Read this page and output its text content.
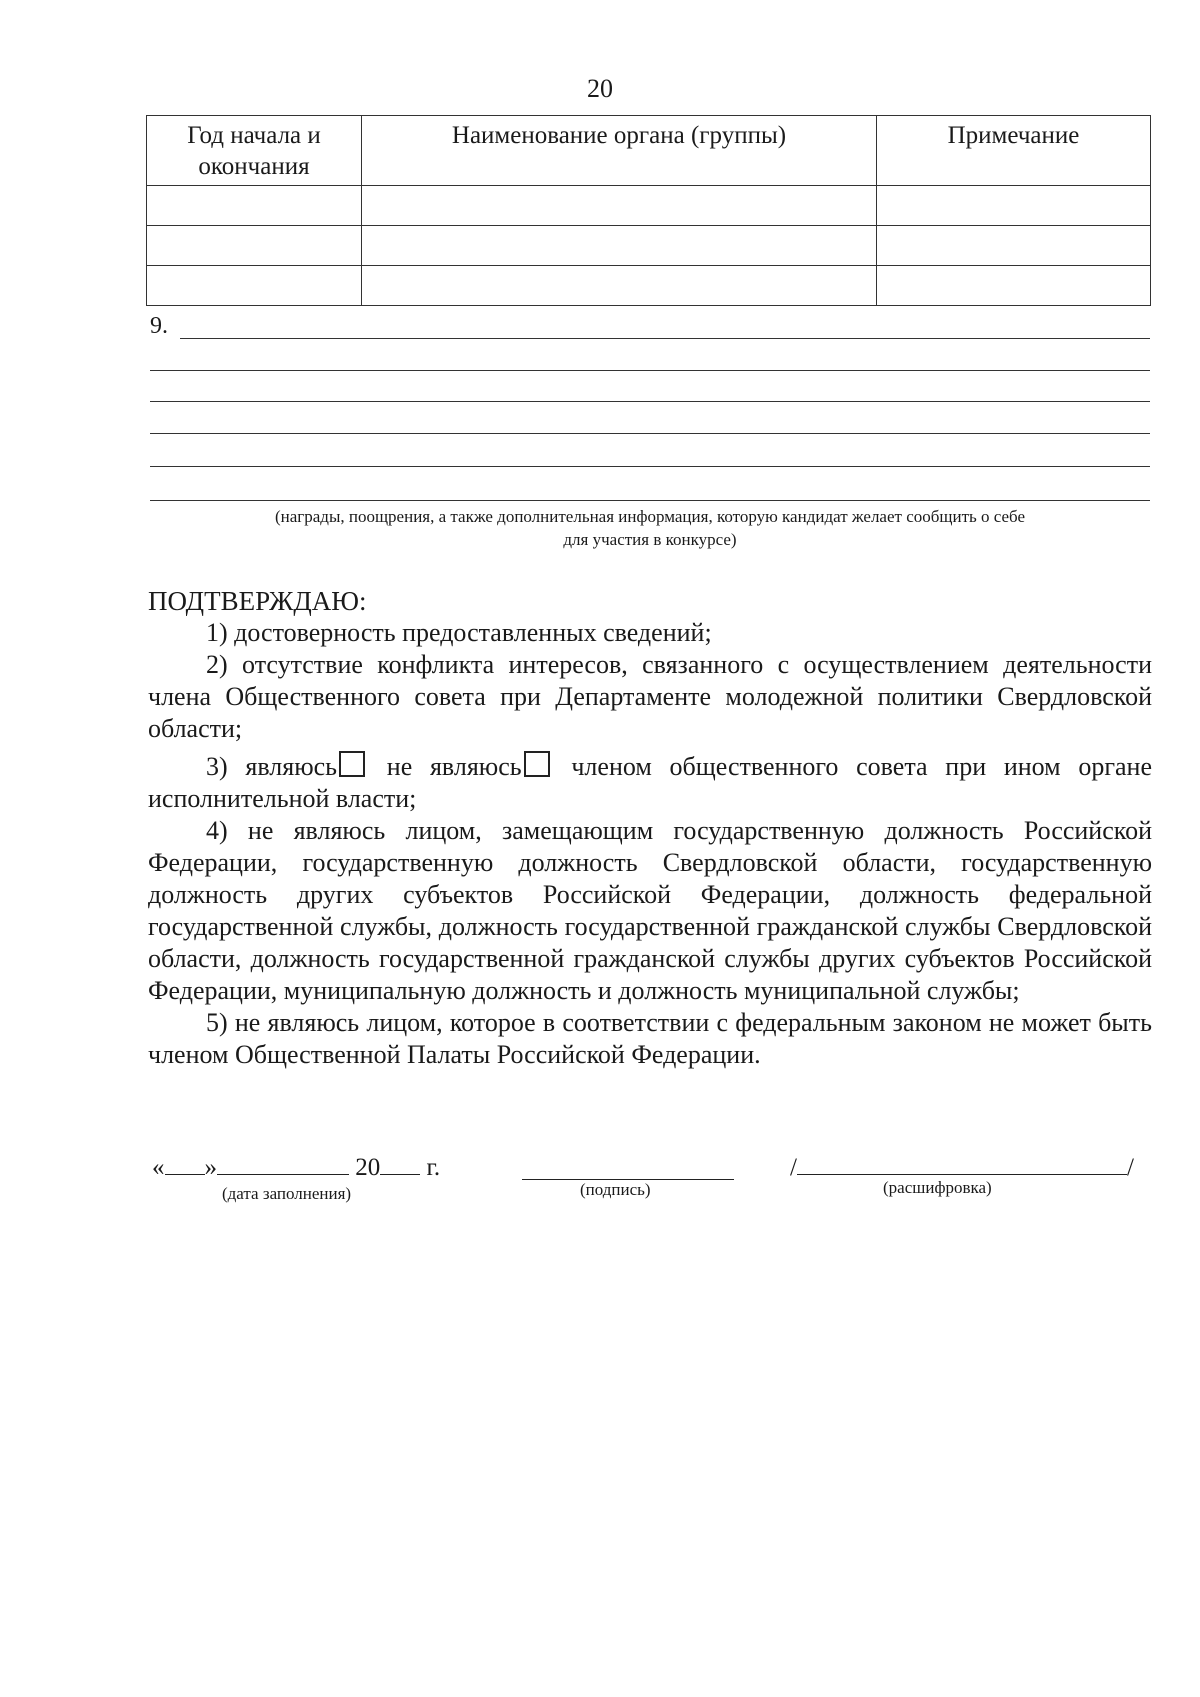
20
Год начала и окончания	Наименование органа (группы)	Примечание

9.
(награды, поощрения, а также дополнительная информация, которую кандидат желает сообщить о себе
для участия в конкурсе)

ПОДТВЕРЖДАЮ:

1) достоверность предоставленных сведений;

2) отсутствие конфликта интересов, связанного с осуществлением деятельности члена Общественного совета при Департаменте молодежной политики Свердловской области;

3) являюсь не являюсь членом общественного совета при ином органе исполнительной власти;

4) не являюсь лицом, замещающим государственную должность Российской Федерации, государственную должность Свердловской области, государственную должность других субъектов Российской Федерации, должность федеральной государственной службы, должность государственной гражданской службы Свердловской области, должность государственной гражданской службы других субъектов Российской Федерации, муниципальную должность и должность муниципальной службы;

5) не являюсь лицом, которое в соответствии с федеральным законом не может быть членом Общественной Палаты Российской Федерации.

« »	20 г.	/	/
(дата заполнения)	(подпись)	(расшифровка)
